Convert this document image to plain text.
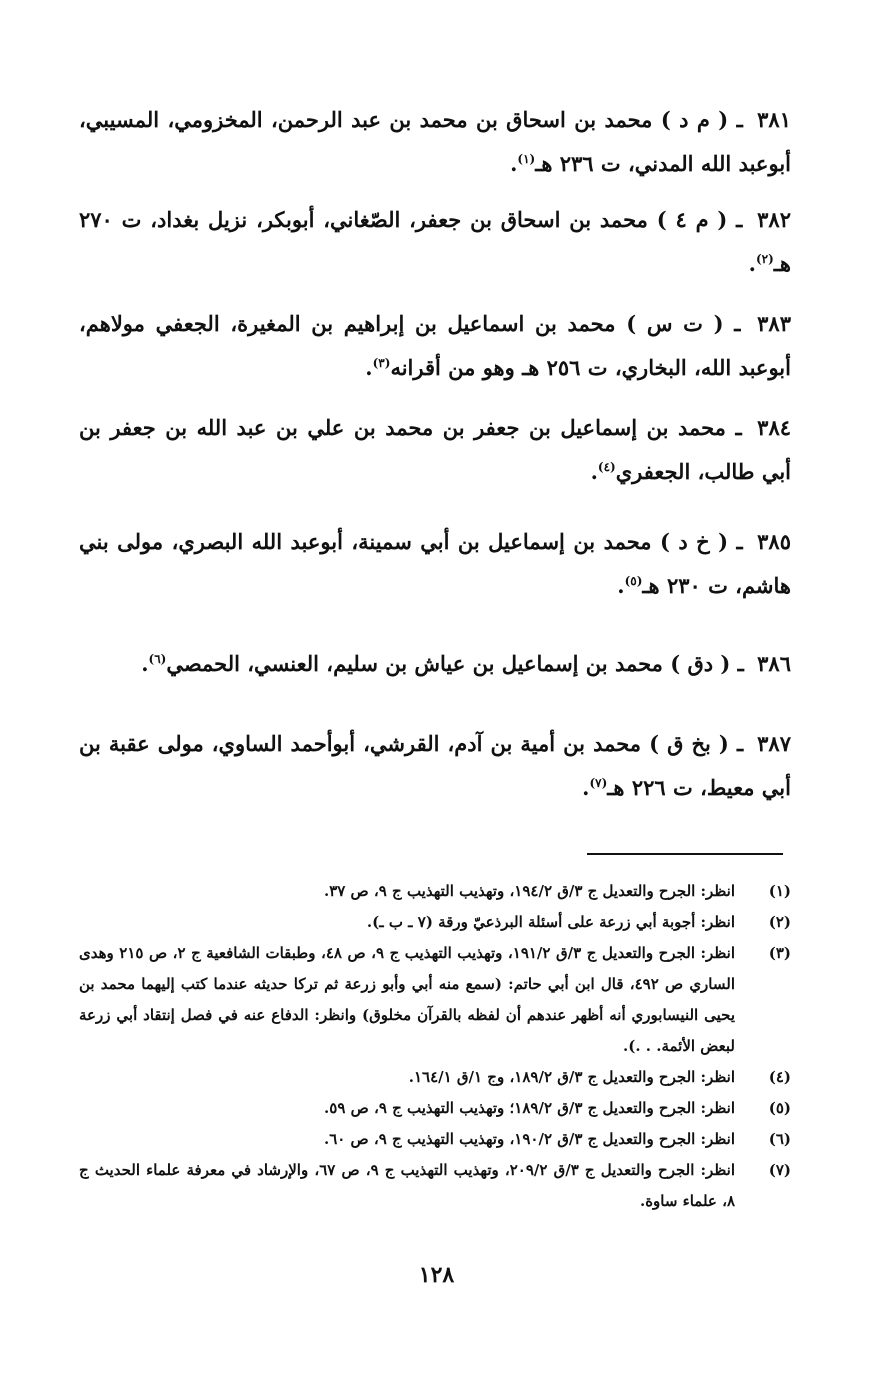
٣٨١ ـ ( م د ) محمد بن اسحاق بن محمد بن عبد الرحمن، المخزومي، المسيبي، أبوعبد الله المدني، ت ٢٣٦ هـ$^{(١)}$.

٣٨٢ ـ ( م ٤ ) محمد بن اسحاق بن جعفر، الصّغاني، أبوبكر، نزيل بغداد، ت ٢٧٠ هـ$^{(٢)}$.

٣٨٣ ـ ( ت س ) محمد بن اسماعيل بن إبراهيم بن المغيرة، الجعفي مولاهم، أبوعبد الله، البخاري، ت ٢٥٦ هـ وهو من أقرانه$^{(٣)}$.

٣٨٤ ـ محمد بن إسماعيل بن جعفر بن محمد بن علي بن عبد الله بن جعفر بن أبي طالب، الجعفري$^{(٤)}$.

٣٨٥ ـ ( خ د ) محمد بن إسماعيل بن أبي سمينة، أبوعبد الله البصري، مولى بني هاشم، ت ٢٣٠ هـ$^{(٥)}$.

٣٨٦ ـ ( دق ) محمد بن إسماعيل بن عياش بن سليم، العنسي، الحمصي$^{(٦)}$.

٣٨٧ ـ ( بخ ق ) محمد بن أمية بن آدم، القرشي، أبوأحمد الساوي، مولى عقبة بن أبي معيط، ت ٢٢٦ هـ$^{(٧)}$.

(١)
انظر: الجرح والتعديل ج ٣/ق ١٩٤/٢، وتهذيب التهذيب ج ٩، ص ٣٧.
(٢)
انظر: أجوبة أبي زرعة على أسئلة البرذعيّ ورقة (٧ ـ ب ـ).
(٣)
انظر: الجرح والتعديل ج ٣/ق ١٩١/٢، وتهذيب التهذيب ج ٩، ص ٤٨، وطبقات الشافعية ج ٢، ص ٢١٥ وهدى الساري ص ٤٩٢، قال ابن أبي حاتم: (سمع منه أبي وأبو زرعة ثم تركا حديثه عندما كتب إليهما محمد بن يحيى النيسابوري أنه أظهر عندهم أن لفظه بالقرآن مخلوق) وانظر: الدفاع عنه في فصل إنتقاد أبي زرعة لبعض الأئمة. . .).
(٤)
انظر: الجرح والتعديل ج ٣/ق ١٨٩/٢، وج ١/ق ١٦٤/١.
(٥)
انظر: الجرح والتعديل ج ٣/ق ١٨٩/٢؛ وتهذيب التهذيب ج ٩، ص ٥٩.
(٦)
انظر: الجرح والتعديل ج ٣/ق ١٩٠/٢، وتهذيب التهذيب ج ٩، ص ٦٠.
(٧)
انظر: الجرح والتعديل ج ٣/ق ٢٠٩/٢، وتهذيب التهذيب ج ٩، ص ٦٧، والإرشاد في معرفة علماء الحديث ج ٨، علماء ساوة.
١٢٨
